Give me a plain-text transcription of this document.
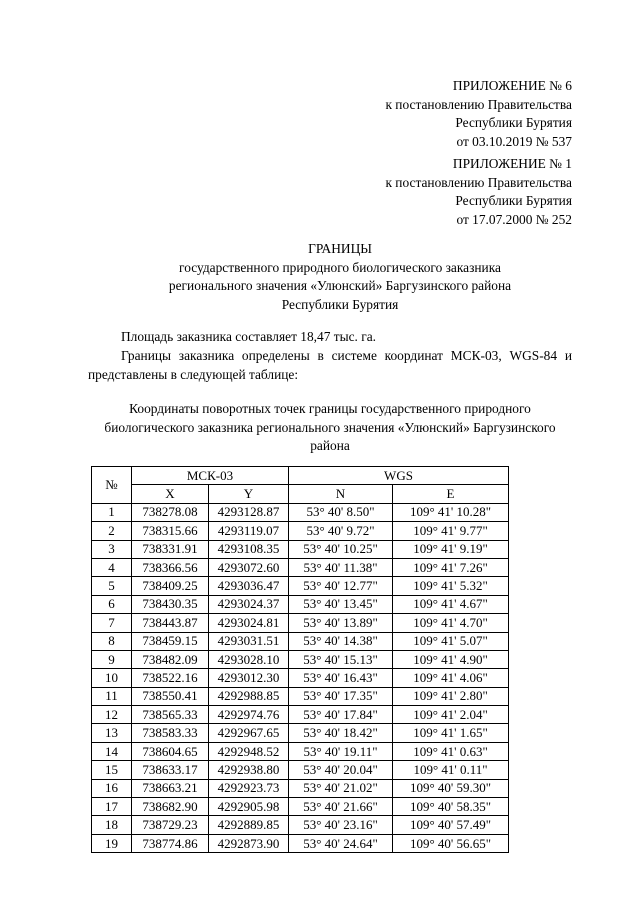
ПРИЛОЖЕНИЕ № 6
к постановлению Правительства
Республики Бурятия
от 03.10.2019 № 537
ПРИЛОЖЕНИЕ № 1
к постановлению Правительства
Республики Бурятия
от 17.07.2000 № 252
ГРАНИЦЫ
государственного природного биологического заказника
регионального значения «Улюнский» Баргузинского района
Республики Бурятия
Площадь заказника составляет 18,47 тыс. га.
Границы заказника определены в системе координат МСК-03, WGS-84 и представлены в следующей таблице:
Координаты поворотных точек границы государственного природного биологического заказника регионального значения «Улюнский» Баргузинского района
№	МСК-03		WGS	
	X	Y	N	E
1	738278.08	4293128.87	53° 40' 8.50"	109° 41' 10.28"
2	738315.66	4293119.07	53° 40' 9.72"	109° 41' 9.77"
3	738331.91	4293108.35	53° 40' 10.25"	109° 41' 9.19"
4	738366.56	4293072.60	53° 40' 11.38"	109° 41' 7.26"
5	738409.25	4293036.47	53° 40' 12.77"	109° 41' 5.32"
6	738430.35	4293024.37	53° 40' 13.45"	109° 41' 4.67"
7	738443.87	4293024.81	53° 40' 13.89"	109° 41' 4.70"
8	738459.15	4293031.51	53° 40' 14.38"	109° 41' 5.07"
9	738482.09	4293028.10	53° 40' 15.13"	109° 41' 4.90"
10	738522.16	4293012.30	53° 40' 16.43"	109° 41' 4.06"
11	738550.41	4292988.85	53° 40' 17.35"	109° 41' 2.80"
12	738565.33	4292974.76	53° 40' 17.84"	109° 41' 2.04"
13	738583.33	4292967.65	53° 40' 18.42"	109° 41' 1.65"
14	738604.65	4292948.52	53° 40' 19.11"	109° 41' 0.63"
15	738633.17	4292938.80	53° 40' 20.04"	109° 41' 0.11"
16	738663.21	4292923.73	53° 40' 21.02"	109° 40' 59.30"
17	738682.90	4292905.98	53° 40' 21.66"	109° 40' 58.35"
18	738729.23	4292889.85	53° 40' 23.16"	109° 40' 57.49"
19	738774.86	4292873.90	53° 40' 24.64"	109° 40' 56.65"
